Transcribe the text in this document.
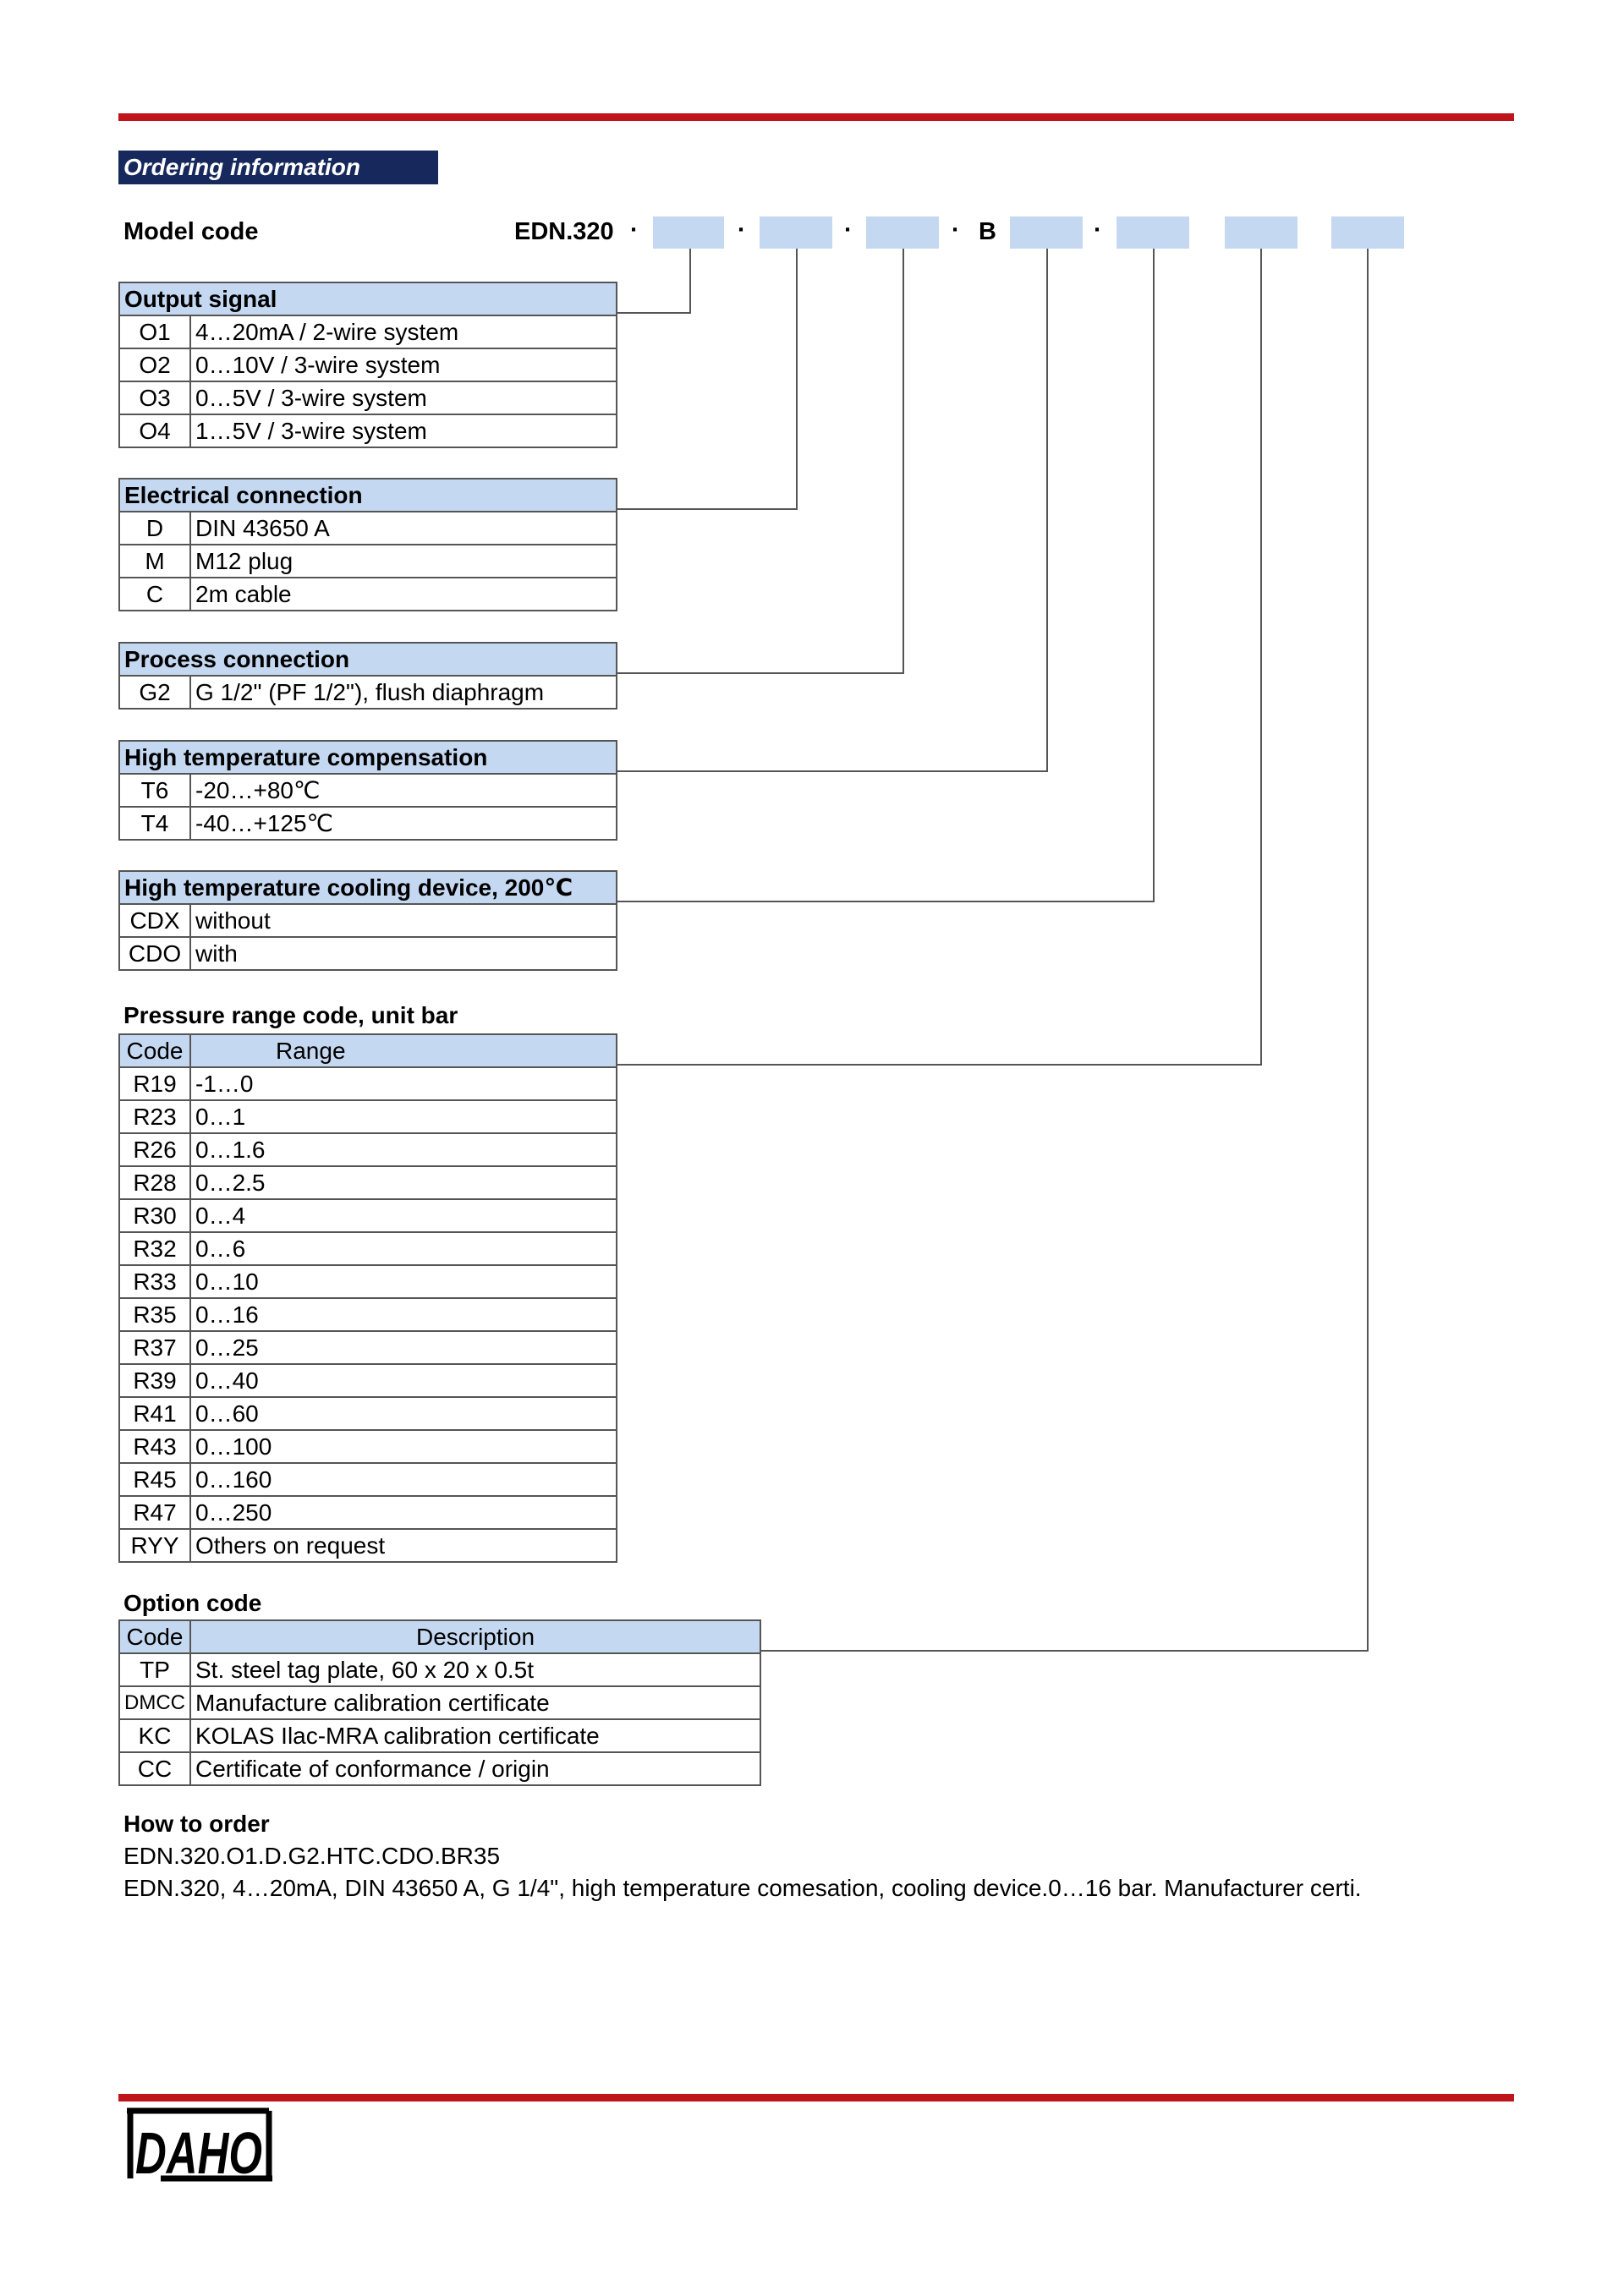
Ordering information
Model code	EDN.320 ·	·	·	· B	·
Output signal	
O1	4…20mA / 2-wire system
O2	0…10V / 3-wire system
O3	0…5V / 3-wire system
O4	1…5V / 3-wire system
Electrical connection	
D	DIN 43650 A
M	M12 plug
C	2m cable
Process connection
G2	G 1/2" (PF 1/2"), flush diaphragm
High temperature compensation	
T6	-20…+80℃
T4	-40…+125℃
High temperature cooling device, 200℃	
CDX	without
CDO	with
Pressure range code, unit bar
Code	Range
R19	-1…0
R23	0…1
R26	0…1.6
R28	0…2.5
R30	0…4
R32	0…6
R33	0…10
R35	0…16
R37	0…25
R39	0…40
R41	0…60
R43	0…100
R45	0…160
R47	0…250
RYY	Others on request
Option code
Code	Description
TP	St. steel tag plate, 60 x 20 x 0.5t
DMCC	Manufacture calibration certificate
KC	KOLAS Ilac-MRA calibration certificate
CC	Certificate of conformance / origin
How to order
EDN.320.O1.D.G2.HTC.CDO.BR35
EDN.320, 4…20mA, DIN 43650 A, G 1/4", high temperature comesation, cooling device.0…16 bar. Manufacturer certi.
DAHO
